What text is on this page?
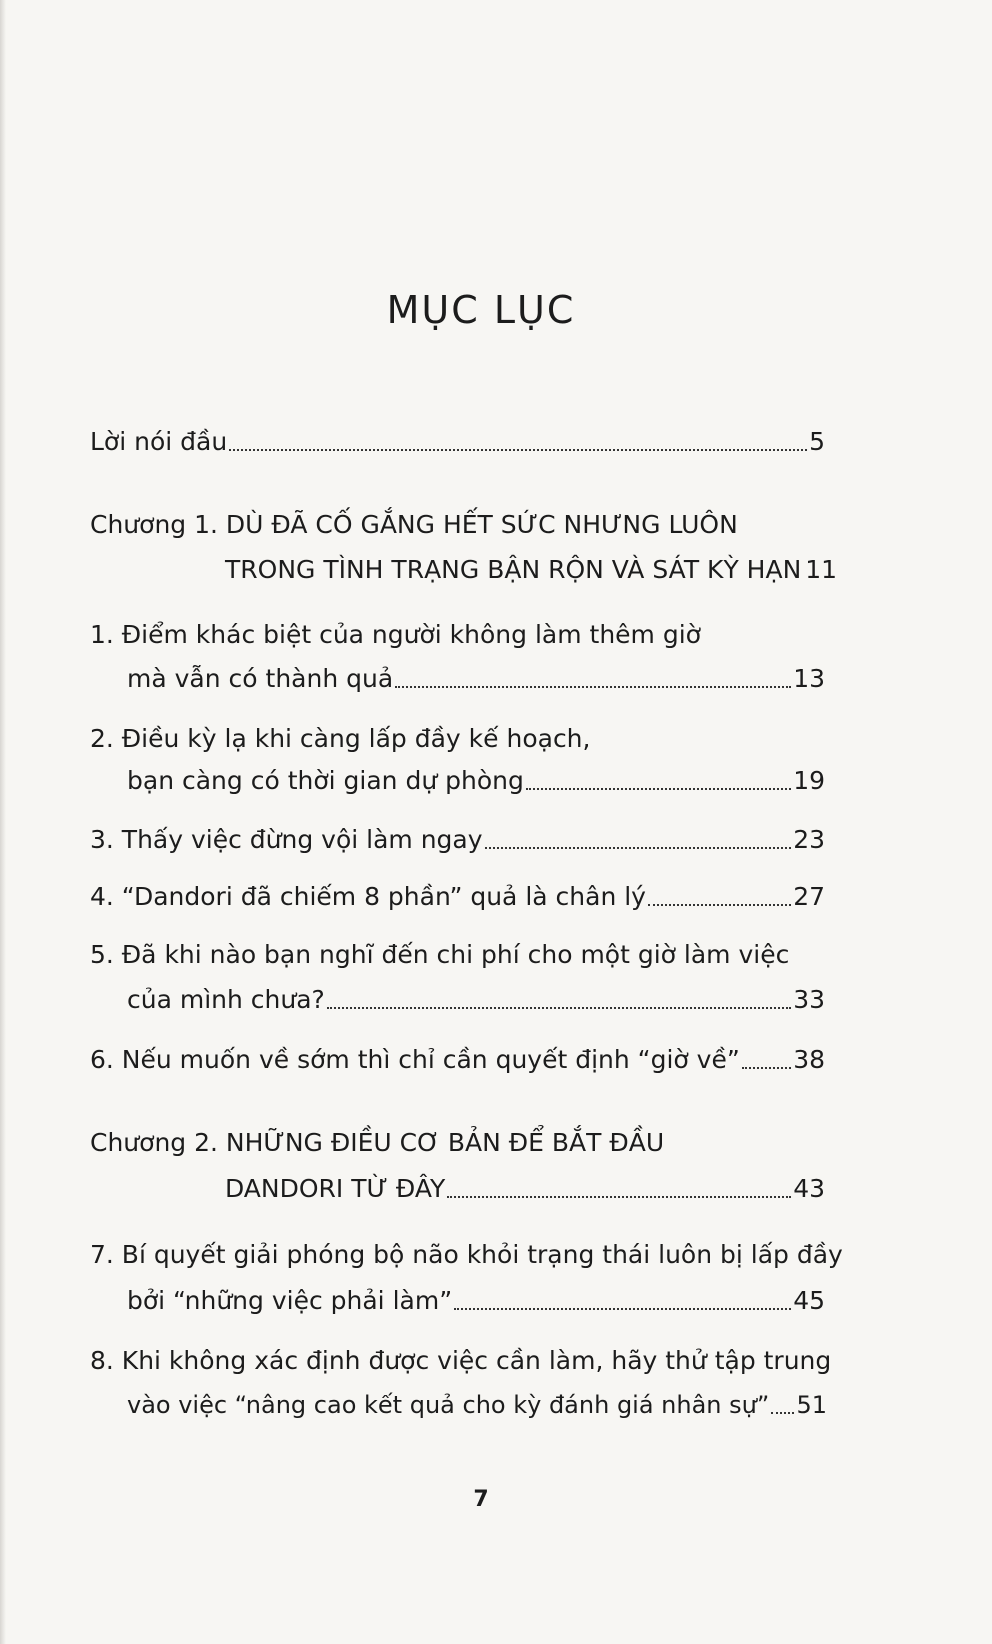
MỤC LỤC
Lời nói đầu	5
Chương 1. DÙ ĐÃ CỐ GẮNG HẾT SỨC NHƯNG LUÔN
TRONG TÌNH TRẠNG BẬN RỘN VÀ SÁT KỲ HẠN 11
1. Điểm khác biệt của người không làm thêm giờ
mà vẫn có thành quả	13
2. Điều kỳ lạ khi càng lấp đầy kế hoạch,
bạn càng có thời gian dự phòng	19
3. Thấy việc đừng vội làm ngay	23
4. “Dandori đã chiếm 8 phần” quả là chân lý	27
5. Đã khi nào bạn nghĩ đến chi phí cho một giờ làm việc
của mình chưa?	33
6. Nếu muốn về sớm thì chỉ cần quyết định “giờ về” 38
Chương 2. NHỮNG ĐIỀU CƠ BẢN ĐỂ BẮT ĐẦU
DANDORI TỪ ĐÂY	43
7. Bí quyết giải phóng bộ não khỏi trạng thái luôn bị lấp đầy
bởi “những việc phải làm”	45
8. Khi không xác định được việc cần làm, hãy thử tập trung
vào việc “nâng cao kết quả cho kỳ đánh giá nhân sự” 51
7
